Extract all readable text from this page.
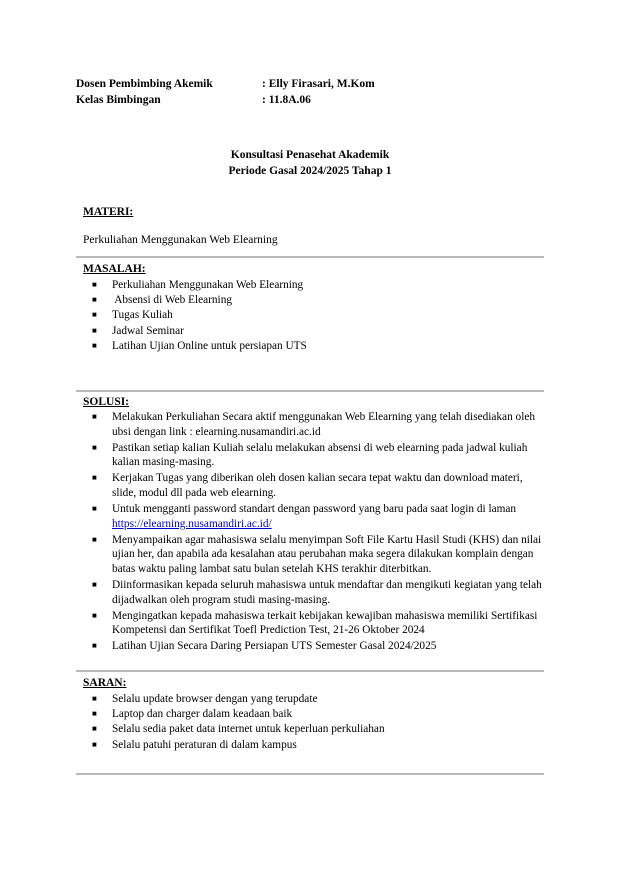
Dosen Pembimbing Akemik	: Elly Firasari, M.Kom
Kelas Bimbingan	: 11.8A.06
Konsultasi Penasehat Akademik
Periode Gasal 2024/2025 Tahap 1
MATERI:
Perkuliahan Menggunakan Web Elearning
MASALAH:
■ Perkuliahan Menggunakan Web Elearning
■ Absensi di Web Elearning
■ Tugas Kuliah
■ Jadwal Seminar
■ Latihan Ujian Online untuk persiapan UTS
SOLUSI:
■ Melakukan Perkuliahan Secara aktif menggunakan Web Elearning yang telah disediakan oleh ubsi dengan link : elearning.nusamandiri.ac.id
■ Pastikan setiap kalian Kuliah selalu melakukan absensi di web elearning pada jadwal kuliah kalian masing-masing.
■ Kerjakan Tugas yang diberikan oleh dosen kalian secara tepat waktu dan download materi, slide, modul dll pada web elearning.
■ Untuk mengganti password standart dengan password yang baru pada saat login di laman https://elearning.nusamandiri.ac.id/
■ Menyampaikan agar mahasiswa selalu menyimpan Soft File Kartu Hasil Studi (KHS) dan nilai ujian her, dan apabila ada kesalahan atau perubahan maka segera dilakukan komplain dengan batas waktu paling lambat satu bulan setelah KHS terakhir diterbitkan.
■ Diinformasikan kepada seluruh mahasiswa untuk mendaftar dan mengikuti kegiatan yang telah dijadwalkan oleh program studi masing-masing.
■ Mengingatkan kepada mahasiswa terkait kebijakan kewajiban mahasiswa memiliki Sertifikasi Kompetensi dan Sertifikat Toefl Prediction Test, 21-26 Oktober 2024
■ Latihan Ujian Secara Daring Persiapan UTS Semester Gasal 2024/2025
SARAN:
■ Selalu update browser dengan yang terupdate
■ Laptop dan charger dalam keadaan baik
■ Selalu sedia paket data internet untuk keperluan perkuliahan
■ Selalu patuhi peraturan di dalam kampus
